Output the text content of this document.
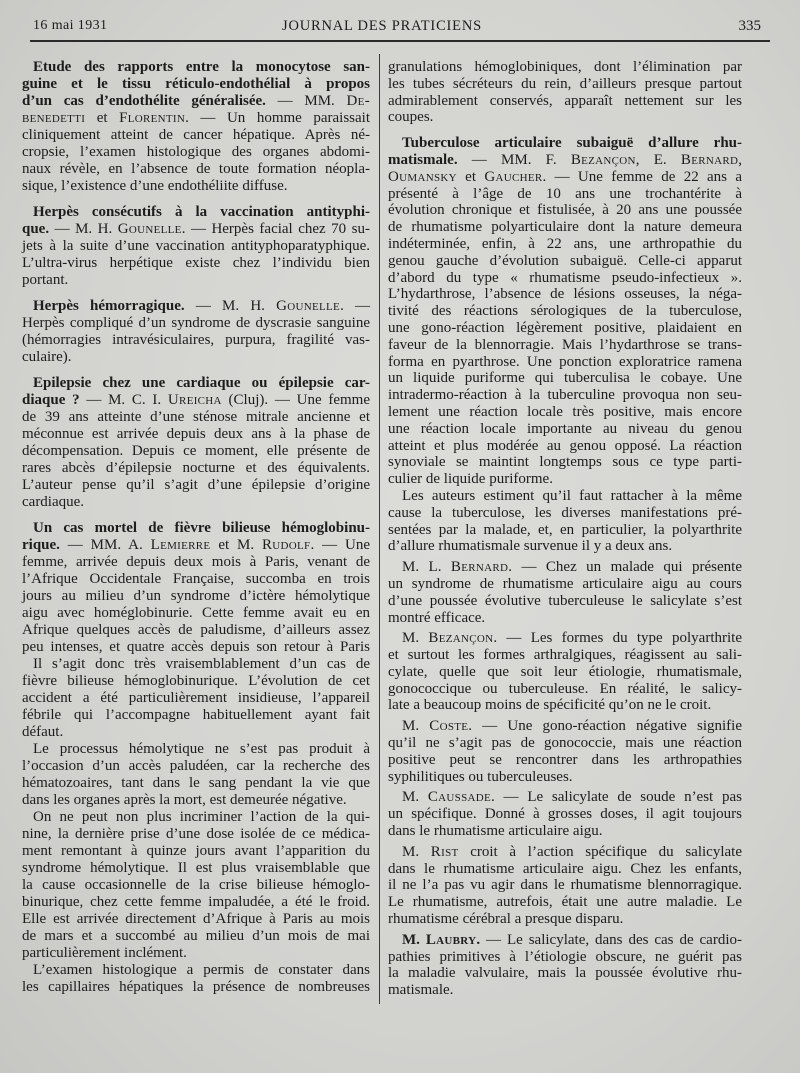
16 mai 1931	JOURNAL DES PRATICIENS	335
Etude des rapports entre la monocytose san-
guine et le tissu réticulo-endothélial à propos
d’un cas d’endothélite généralisée. — MM. De-
benedetti et Florentin. — Un homme paraissait
cliniquement atteint de cancer hépatique. Après né-
cropsie, l’examen histologique des organes abdomi-
naux révèle, en l’absence de toute formation néopla-
sique, l’existence d’une endothéliite diffuse.
Herpès consécutifs à la vaccination antityphi-
que. — M. H. Gounelle. — Herpès facial chez 70 su-
jets à la suite d’une vaccination antityphoparatyphique.
L’ultra-virus herpétique existe chez l’individu bien
portant.
Herpès hémorragique. — M. H. Gounelle. —
Herpès compliqué d’un syndrome de dyscrasie sanguine
(hémorragies intravésiculaires, purpura, fragilité vas-
culaire).
Epilepsie chez une cardiaque ou épilepsie car-
diaque ? — M. C. I. Ureicha (Cluj). — Une femme
de 39 ans atteinte d’une sténose mitrale ancienne et
méconnue est arrivée depuis deux ans à la phase de
décompensation. Depuis ce moment, elle présente de
rares abcès d’épilepsie nocturne et des équivalents.
L’auteur pense qu’il s’agit d’une épilepsie d’origine
cardiaque.
Un cas mortel de fièvre bilieuse hémoglobinu-
rique. — MM. A. Lemierre et M. Rudolf. — Une
femme, arrivée depuis deux mois à Paris, venant de
l’Afrique Occidentale Française, succomba en trois
jours au milieu d’un syndrome d’ictère hémolytique
aigu avec homéglobinurie. Cette femme avait eu en
Afrique quelques accès de paludisme, d’ailleurs assez
peu intenses, et quatre accès depuis son retour à Paris
Il s’agit donc très vraisemblablement d’un cas de
fièvre bilieuse hémoglobinurique. L’évolution de cet
accident a été particulièrement insidieuse, l’appareil
fébrile qui l’accompagne habituellement ayant fait
défaut.
Le processus hémolytique ne s’est pas produit à
l’occasion d’un accès paludéen, car la recherche des
hématozoaires, tant dans le sang pendant la vie que
dans les organes après la mort, est demeurée négative.
On ne peut non plus incriminer l’action de la qui-
nine, la dernière prise d’une dose isolée de ce médica-
ment remontant à quinze jours avant l’apparition du
syndrome hémolytique. Il est plus vraisemblable que
la cause occasionnelle de la crise bilieuse hémoglo-
binurique, chez cette femme impaludée, a été le froid.
Elle est arrivée directement d’Afrique à Paris au mois
de mars et a succombé au milieu d’un mois de mai
particulièrement inclément.
L’examen histologique a permis de constater dans
les capillaires hépatiques la présence de nombreuses
granulations hémoglobiniques, dont l’élimination par
les tubes sécréteurs du rein, d’ailleurs presque partout
admirablement conservés, apparaît nettement sur les
coupes.
Tuberculose articulaire subaiguë d’allure rhu-
matismale. — MM. F. Bezançon, E. Bernard,
Oumansky et Gaucher. — Une femme de 22 ans a
présenté à l’âge de 10 ans une trochantérite à
évolution chronique et fistulisée, à 20 ans une poussée
de rhumatisme polyarticulaire dont la nature demeura
indéterminée, enfin, à 22 ans, une arthropathie du
genou gauche d’évolution subaiguë. Celle-ci apparut
d’abord du type « rhumatisme pseudo-infectieux ».
L’hydarthrose, l’absence de lésions osseuses, la néga-
tivité des réactions sérologiques de la tuberculose,
une gono-réaction légèrement positive, plaidaient en
faveur de la blennorragie. Mais l’hydarthrose se trans-
forma en pyarthrose. Une ponction exploratrice ramena
un liquide puriforme qui tuberculisa le cobaye. Une
intradermo-réaction à la tuberculine provoqua non seu-
lement une réaction locale très positive, mais encore
une réaction locale importante au niveau du genou
atteint et plus modérée au genou opposé. La réaction
synoviale se maintint longtemps sous ce type parti-
culier de liquide puriforme.
Les auteurs estiment qu’il faut rattacher à la même
cause la tuberculose, les diverses manifestations pré-
sentées par la malade, et, en particulier, la polyarthrite
d’allure rhumatismale survenue il y a deux ans.
M. L. Bernard. — Chez un malade qui présente
un syndrome de rhumatisme articulaire aigu au cours
d’une poussée évolutive tuberculeuse le salicylate s’est
montré efficace.
M. Bezançon. — Les formes du type polyarthrite
et surtout les formes arthralgiques, réagissent au sali-
cylate, quelle que soit leur étiologie, rhumatismale,
gonococcique ou tuberculeuse. En réalité, le salicy-
late a beaucoup moins de spécificité qu’on ne le croit.
M. Coste. — Une gono-réaction négative signifie
qu’il ne s’agit pas de gonococcie, mais une réaction
positive peut se rencontrer dans les arthropathies
syphilitiques ou tuberculeuses.
M. Caussade. — Le salicylate de soude n’est pas
un spécifique. Donné à grosses doses, il agit toujours
dans le rhumatisme articulaire aigu.
M. Rist croit à l’action spécifique du salicylate
dans le rhumatisme articulaire aigu. Chez les enfants,
il ne l’a pas vu agir dans le rhumatisme blennorragique.
Le rhumatisme, autrefois, était une autre maladie. Le
rhumatisme cérébral a presque disparu.
M. Laubry. — Le salicylate, dans des cas de cardio-
pathies primitives à l’étiologie obscure, ne guérit pas
la maladie valvulaire, mais la poussée évolutive rhu-
matismale.
